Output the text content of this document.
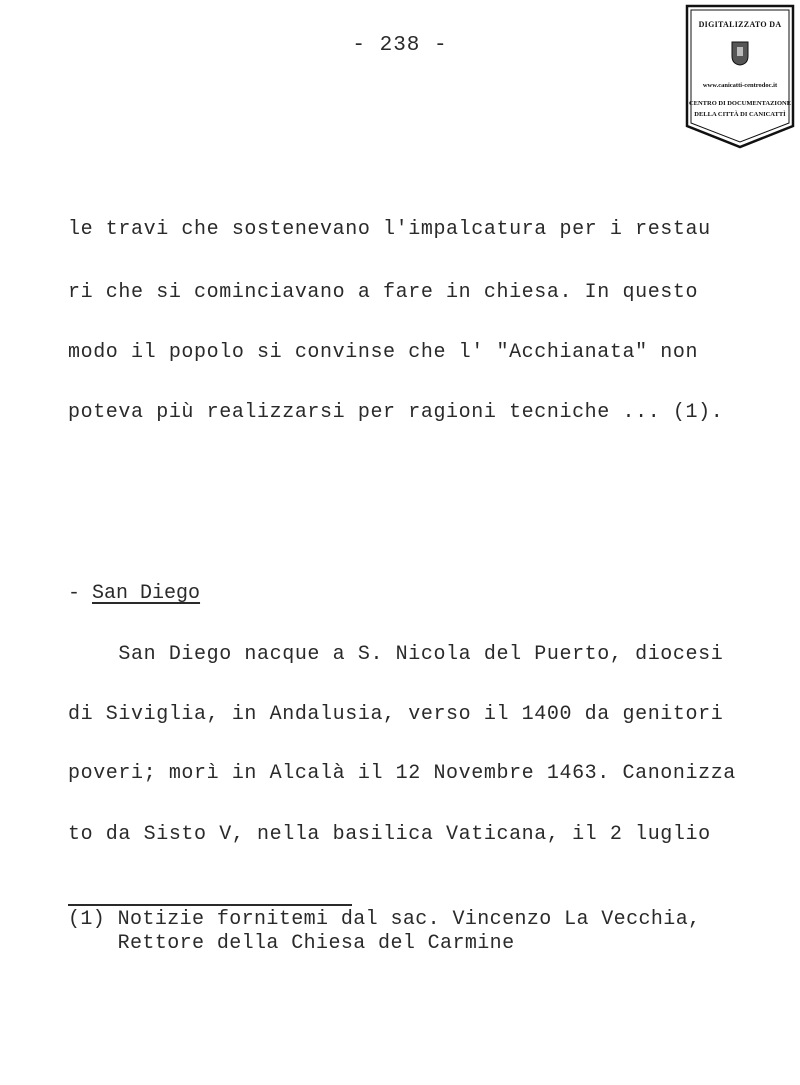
- 238 -
DIGITALIZZATO DA
www.canicatti-centrodoc.it
CENTRO DI DOCUMENTAZIONE
DELLA CITTÀ DI CANICATTÌ
le travi che sostenevano l'impalcatura per i restau
ri che si cominciavano a fare in chiesa. In questo
modo il popolo si convinse che l' "Acchianata" non
poteva più realizzarsi per ragioni tecniche ... (1).
- San Diego
San Diego nacque a S. Nicola del Puerto, diocesi
di Siviglia, in Andalusia, verso il 1400 da genitori
poveri; morì in Alcalà il 12 Novembre 1463. Canonizza
to da Sisto V, nella basilica Vaticana, il 2 luglio
(1) Notizie fornitemi dal sac. Vincenzo La Vecchia,
Rettore della Chiesa del Carmine
